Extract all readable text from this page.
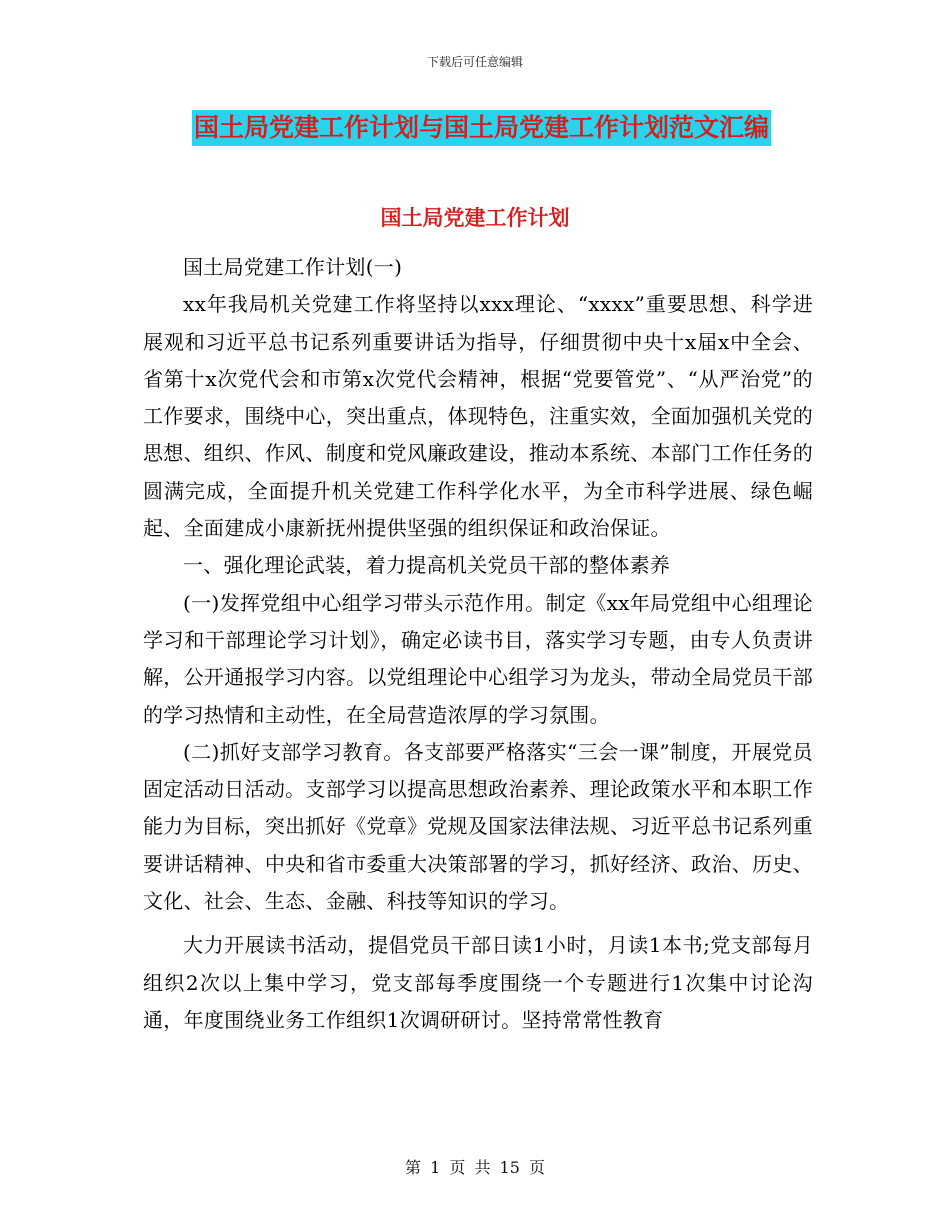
下载后可任意编辑
国土局党建工作计划与国土局党建工作计划范文汇编
国土局党建工作计划

国土局党建工作计划(一)

xx年我局机关党建工作将坚持以xxx理论、“xxxx”重要思想、科学进展观和习近平总书记系列重要讲话为指导，仔细贯彻中央十x届x中全会、省第十x次党代会和市第x次党代会精神，根据“党要管党”、“从严治党”的工作要求，围绕中心，突出重点，体现特色，注重实效，全面加强机关党的思想、组织、作风、制度和党风廉政建设，推动本系统、本部门工作任务的圆满完成，全面提升机关党建工作科学化水平，为全市科学进展、绿色崛起、全面建成小康新抚州提供坚强的组织保证和政治保证。

一、强化理论武装，着力提高机关党员干部的整体素养

(一)发挥党组中心组学习带头示范作用。制定《xx年局党组中心组理论学习和干部理论学习计划》，确定必读书目，落实学习专题，由专人负责讲解，公开通报学习内容。以党组理论中心组学习为龙头，带动全局党员干部的学习热情和主动性，在全局营造浓厚的学习氛围。

(二)抓好支部学习教育。各支部要严格落实“三会一课”制度，开展党员固定活动日活动。支部学习以提高思想政治素养、理论政策水平和本职工作能力为目标，突出抓好《党章》党规及国家法律法规、习近平总书记系列重要讲话精神、中央和省市委重大决策部署的学习，抓好经济、政治、历史、文化、社会、生态、金融、科技等知识的学习。

大力开展读书活动，提倡党员干部日读1小时，月读1本书;党支部每月组织2次以上集中学习，党支部每季度围绕一个专题进行1次集中讨论沟通，年度围绕业务工作组织1次调研研讨。坚持常常性教育

第 1 页 共 15 页
